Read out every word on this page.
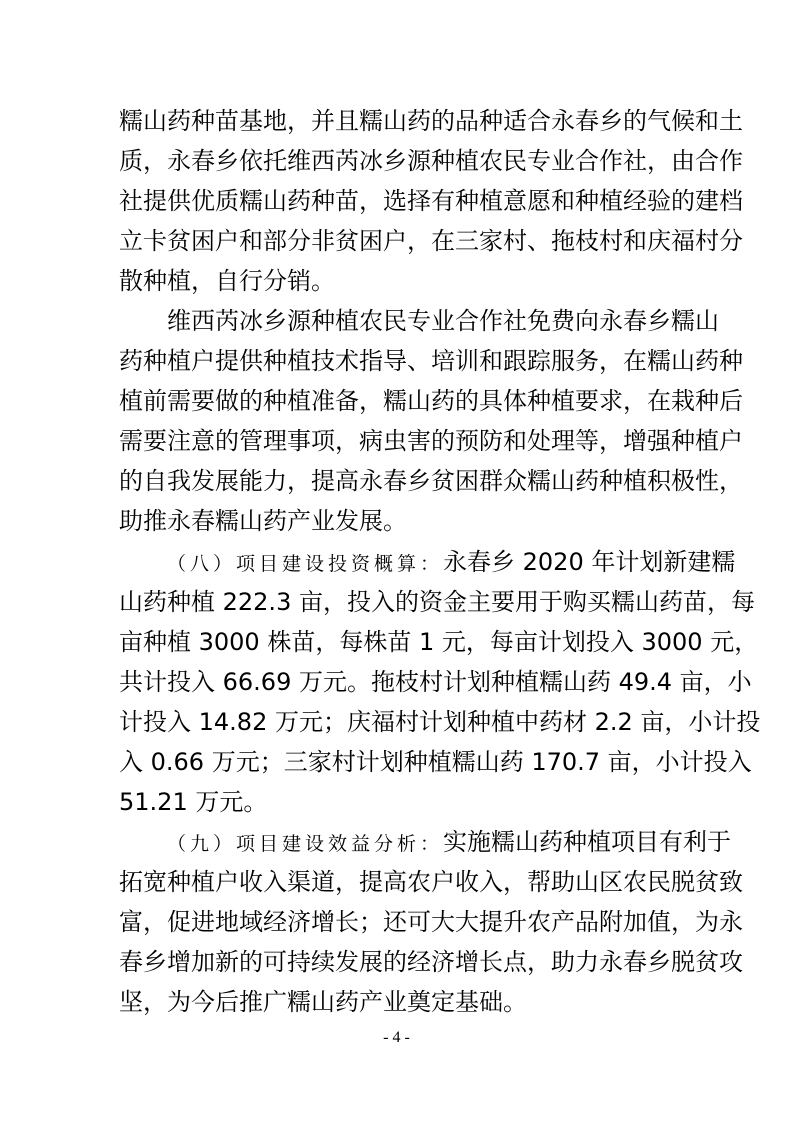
糯山药种苗基地，并且糯山药的品种适合永春乡的气候和土
质，永春乡依托维西芮冰乡源种植农民专业合作社，由合作
社提供优质糯山药种苗，选择有种植意愿和种植经验的建档
立卡贫困户和部分非贫困户，在三家村、拖枝村和庆福村分
散种植，自行分销。
维西芮冰乡源种植农民专业合作社免费向永春乡糯山
药种植户提供种植技术指导、培训和跟踪服务，在糯山药种
植前需要做的种植准备，糯山药的具体种植要求，在栽种后
需要注意的管理事项，病虫害的预防和处理等，增强种植户
的自我发展能力，提高永春乡贫困群众糯山药种植积极性，
助推永春糯山药产业发展。
（八）项目建设投资概算：永春乡 2020 年计划新建糯
山药种植 222.3 亩，投入的资金主要用于购买糯山药苗，每
亩种植 3000 株苗，每株苗 1 元，每亩计划投入 3000 元，
共计投入 66.69 万元。拖枝村计划种植糯山药 49.4 亩，小
计投入 14.82 万元；庆福村计划种植中药材 2.2 亩，小计投
入 0.66 万元；三家村计划种植糯山药 170.7 亩，小计投入
51.21 万元。
（九）项目建设效益分析：实施糯山药种植项目有利于
拓宽种植户收入渠道，提高农户收入，帮助山区农民脱贫致
富，促进地域经济增长；还可大大提升农产品附加值，为永
春乡增加新的可持续发展的经济增长点，助力永春乡脱贫攻
坚，为今后推广糯山药产业奠定基础。
- 4 -
